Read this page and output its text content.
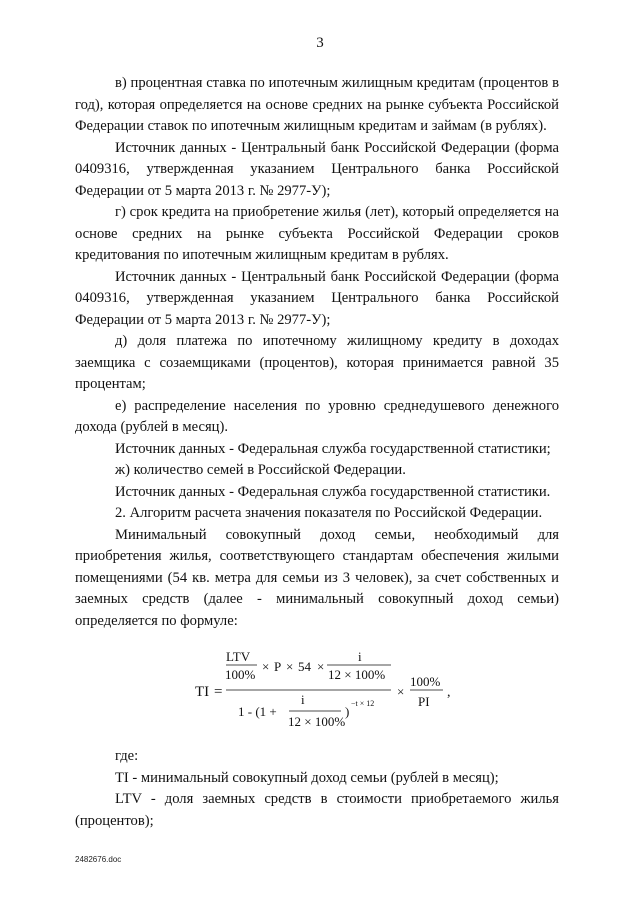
3

в) процентная ставка по ипотечным жилищным кредитам (процентов в год), которая определяется на основе средних на рынке субъекта Российской Федерации ставок по ипотечным жилищным кредитам и займам (в рублях).

Источник данных - Центральный банк Российской Федерации (форма 0409316, утвержденная указанием Центрального банка Российской Федерации от 5 марта 2013 г. № 2977-У);

г) срок кредита на приобретение жилья (лет), который определяется на основе средних на рынке субъекта Российской Федерации сроков кредитования по ипотечным жилищным кредитам в рублях.

Источник данных - Центральный банк Российской Федерации (форма 0409316, утвержденная указанием Центрального банка Российской Федерации от 5 марта 2013 г. № 2977-У);

д) доля платежа по ипотечному жилищному кредиту в доходах заемщика с созаемщиками (процентов), которая принимается равной 35 процентам;

е) распределение населения по уровню среднедушевого денежного дохода (рублей в месяц).

Источник данных - Федеральная служба государственной статистики;

ж) количество семей в Российской Федерации.

Источник данных - Федеральная служба государственной статистики.

2. Алгоритм расчета значения показателя по Российской Федерации.

Минимальный совокупный доход семьи, необходимый для приобретения жилья, соответствующего стандартам обеспечения жилыми помещениями (54 кв. метра для семьи из 3 человек), за счет собственных и заемных средств (далее - минимальный совокупный доход семьи) определяется по формуле:

TI =
LTV
100%
× P × 54 ×
i
12 × 100%
1 - (1 +
i
12 × 100%
)
−t × 12
×
100%
PI
,

где:

TI - минимальный совокупный доход семьи (рублей в месяц);

LTV - доля заемных средств в стоимости приобретаемого жилья (процентов);

2482676.doc
